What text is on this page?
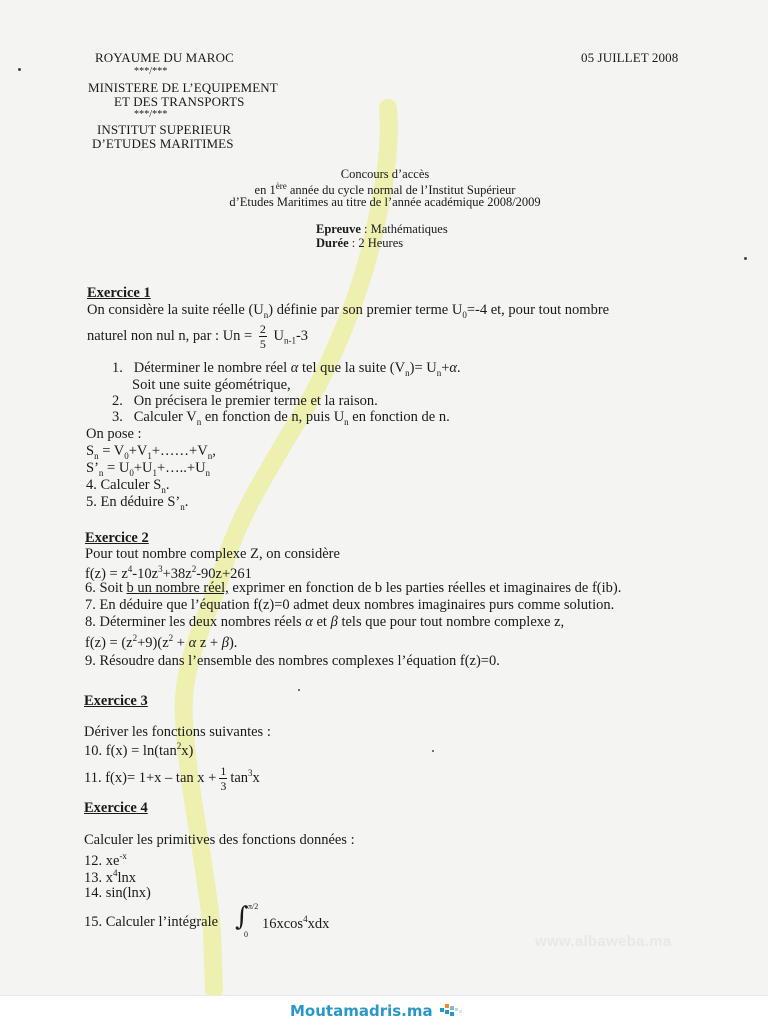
ROYAUME DU MAROC
***/***
MINISTERE DE L’EQUIPEMENT
ET DES TRANSPORTS
***/***
INSTITUT SUPERIEUR
D’ETUDES MARITIMES
05 JUILLET 2008
Concours d’accès
en 1ère année du cycle normal de l’Institut Supérieur
d’Etudes Maritimes au titre de l’année académique 2008/2009
Epreuve : Mathématiques
Durée : 2 Heures
Exercice 1
On considère la suite réelle $(U_n)$ définie par son premier terme $U_0=-4$ et, pour tout nombre
naturel non nul n, par : $Un = \frac{2}{5} U_{n-1}-3$
1. Déterminer le nombre réel α tel que la suite $(V_n)= U_n+\alpha$.
Soit une suite géométrique,
2. On précisera le premier terme et la raison.
3. Calculer $V_n$ en fonction de n, puis $U_n$ en fonction de n.
On pose :
$S_n$ = $V_0+V_1+\dots\dots+V_n$,
$S’_n$ = $U_0+U_1+\dots..+U_n$
4. Calculer $S_n$.
5. En déduire $S’_n$.
Exercice 2
Pour tout nombre complexe Z, on considère
$f(z) = z^4-10z^3+38z^2-90z+261$
6. Soit b un nombre réel, exprimer en fonction de b les parties réelles et imaginaires de f(ib).
7. En déduire que l’équation f(z)=0 admet deux nombres imaginaires purs comme solution.
8. Déterminer les deux nombres réels α et β tels que pour tout nombre complexe z,
$f(z) = (z^2+9)(z^2 + \alpha$ z + β).
9. Résoudre dans l’ensemble des nombres complexes l’équation f(z)=0.
Exercice 3
Dériver les fonctions suivantes :
10. $f(x) = \ln(\tan^2x)$
11. $f(x)= 1+x - \tan x + \frac{1}{3} \tan^3x$
Exercice 4
Calculer les primitives des fonctions données :
12. $xe^{-x}$
13. $x^4\ln x$
14. sin(lnx)
15. Calculer l’intégrale ∫ π/2
0
16xcos$^4$xdx
www.albaweba.ma
Moutamadris.ma
